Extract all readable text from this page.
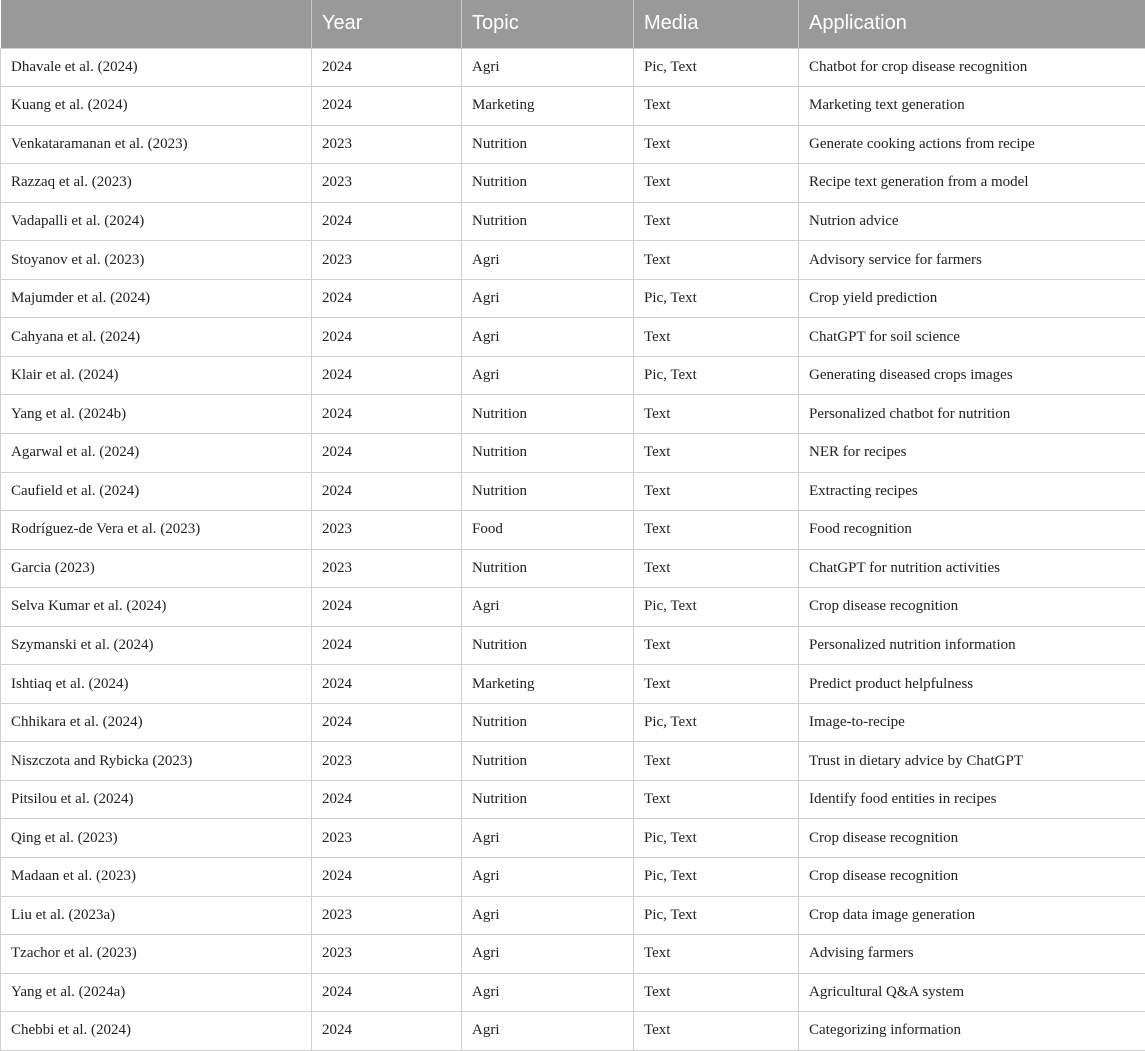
	Year	Topic	Media	Application
Dhavale et al. (2024)	2024	Agri	Pic, Text	Chatbot for crop disease recognition
Kuang et al. (2024)	2024	Marketing	Text	Marketing text generation
Venkataramanan et al. (2023)	2023	Nutrition	Text	Generate cooking actions from recipe
Razzaq et al. (2023)	2023	Nutrition	Text	Recipe text generation from a model
Vadapalli et al. (2024)	2024	Nutrition	Text	Nutrion advice
Stoyanov et al. (2023)	2023	Agri	Text	Advisory service for farmers
Majumder et al. (2024)	2024	Agri	Pic, Text	Crop yield prediction
Cahyana et al. (2024)	2024	Agri	Text	ChatGPT for soil science
Klair et al. (2024)	2024	Agri	Pic, Text	Generating diseased crops images
Yang et al. (2024b)	2024	Nutrition	Text	Personalized chatbot for nutrition
Agarwal et al. (2024)	2024	Nutrition	Text	NER for recipes
Caufield et al. (2024)	2024	Nutrition	Text	Extracting recipes
Rodríguez-de Vera et al. (2023)	2023	Food	Text	Food recognition
Garcia (2023)	2023	Nutrition	Text	ChatGPT for nutrition activities
Selva Kumar et al. (2024)	2024	Agri	Pic, Text	Crop disease recognition
Szymanski et al. (2024)	2024	Nutrition	Text	Personalized nutrition information
Ishtiaq et al. (2024)	2024	Marketing	Text	Predict product helpfulness
Chhikara et al. (2024)	2024	Nutrition	Pic, Text	Image-to-recipe
Niszczota and Rybicka (2023)	2023	Nutrition	Text	Trust in dietary advice by ChatGPT
Pitsilou et al. (2024)	2024	Nutrition	Text	Identify food entities in recipes
Qing et al. (2023)	2023	Agri	Pic, Text	Crop disease recognition
Madaan et al. (2023)	2024	Agri	Pic, Text	Crop disease recognition
Liu et al. (2023a)	2023	Agri	Pic, Text	Crop data image generation
Tzachor et al. (2023)	2023	Agri	Text	Advising farmers
Yang et al. (2024a)	2024	Agri	Text	Agricultural Q&A system
Chebbi et al. (2024)	2024	Agri	Text	Categorizing information
